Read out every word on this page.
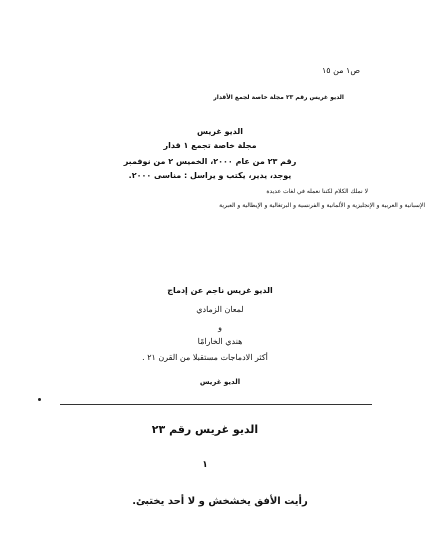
ص١ من ١٥
الديو غريس رقم ٢٣ مجلة خاصة لجمع الأقدار
الديو غريس
مجلة خاصة تجمع ١ قدار
رقم ٢٣ من عام ٢٠٠٠، الخميس ٢ من نوفمبر
يوجد، يدير، يكتب و يراسل : مناسى ٢٠٠٠.
لا نملك الكلام لكننا نعمله في لغات عديدة
الإسبانية و العربية و الإنجليزية و الألمانية و الفرنسية و البرتغالية و الإيطالية و العبرية
الديو غريس ناجم عن إدماج
لمعان الزمادي
و
هندي الخارامًا
أكثر الادماجات مستقبلا من القرن ٢١ .
الديو غريس
الديو غريس رقم ٢٣
١
رأيت الأفق يخشخش و لا أحد يختبئ.
